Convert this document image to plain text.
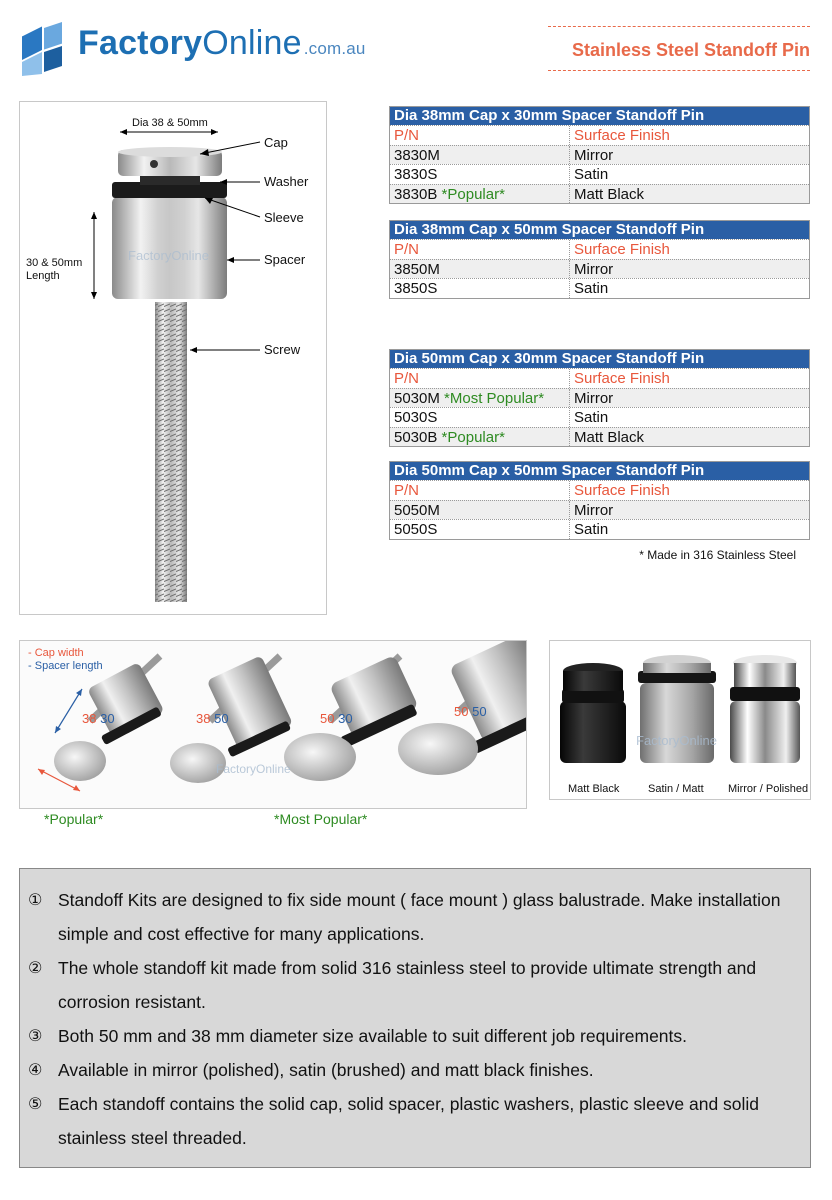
FactoryOnline .com.au	Stainless Steel Standoff Pin
FactoryOnline
Dia 38 & 50mm
30 & 50mm
Length
Cap
Washer
Sleeve
Spacer
Screw
Dia 38mm Cap x 30mm Spacer Standoff Pin
P/N	Surface Finish
3830M	Mirror
3830S	Satin
3830B *Popular*	Matt Black
Dia 38mm Cap x 50mm Spacer Standoff Pin
P/N	Surface Finish
3850M	Mirror
3850S	Satin
Dia 50mm Cap x 30mm Spacer Standoff Pin
P/N	Surface Finish
5030M *Most Popular*	Mirror
5030S	Satin
5030B *Popular*	Matt Black
Dia 50mm Cap x 50mm Spacer Standoff Pin
P/N	Surface Finish
5050M	Mirror
5050S	Satin
* Made in 316 Stainless Steel
FactoryOnline
- Cap width
- Spacer length
38 30	38 50	50 30	50 50
*Popular*	*Most Popular*
FactoryOnline
Matt Black	Satin / Matt Mirror / Polished
① Standoff Kits are designed to fix side mount ( face mount ) glass balustrade. Make installation simple and cost effective for many applications.
② The whole standoff kit made from solid 316 stainless steel to provide ultimate strength and corrosion resistant.
③ Both 50 mm and 38 mm diameter size available to suit different job requirements.
④ Available in mirror (polished), satin (brushed) and matt black finishes.
⑤ Each standoff contains the solid cap, solid spacer, plastic washers, plastic sleeve and solid stainless steel threaded.
